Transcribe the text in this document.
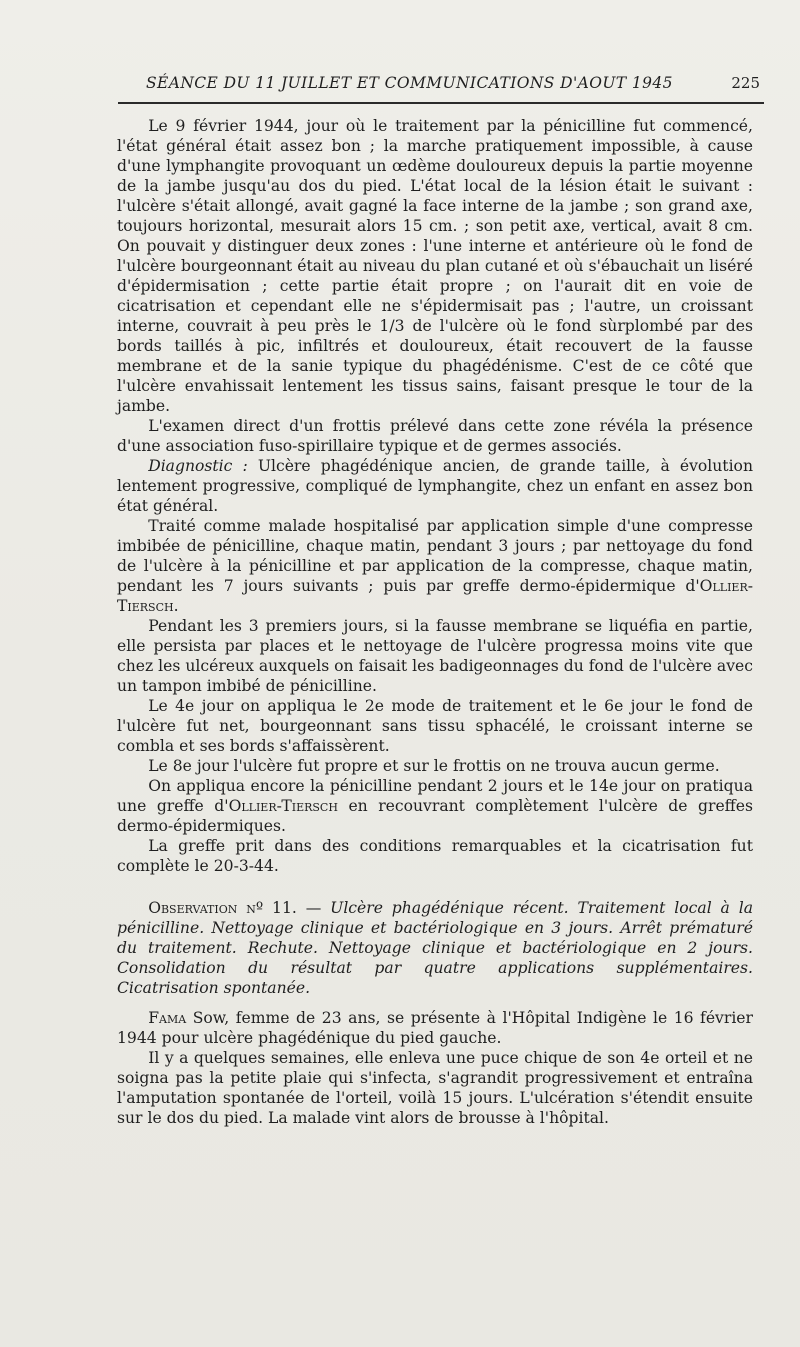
SÉANCE DU 11 JUILLET ET COMMUNICATIONS D'AOUT 1945	225

Le 9 février 1944, jour où le traitement par la pénicilline fut commencé, l'état général était assez bon ; la marche pratiquement impossible, à cause d'une lymphangite provoquant un œdème douloureux depuis la partie moyenne de la jambe jusqu'au dos du pied. L'état local de la lésion était le suivant : l'ulcère s'était allongé, avait gagné la face interne de la jambe ; son grand axe, toujours horizontal, mesurait alors 15 cm. ; son petit axe, vertical, avait 8 cm. On pouvait y distinguer deux zones : l'une interne et antérieure où le fond de l'ulcère bourgeonnant était au niveau du plan cutané et où s'ébauchait un liséré d'épidermisation ; cette partie était propre ; on l'aurait dit en voie de cicatrisation et cependant elle ne s'épidermisait pas ; l'autre, un croissant interne, couvrait à peu près le 1/3 de l'ulcère où le fond sùrplombé par des bords taillés à pic, infiltrés et douloureux, était recouvert de la fausse membrane et de la sanie typique du phagédénisme. C'est de ce côté que l'ulcère envahissait lentement les tissus sains, faisant presque le tour de la jambe.

L'examen direct d'un frottis prélevé dans cette zone révéla la présence d'une association fuso-spirillaire typique et de germes associés.

Diagnostic : Ulcère phagédénique ancien, de grande taille, à évolution lentement progressive, compliqué de lymphangite, chez un enfant en assez bon état général.

Traité comme malade hospitalisé par application simple d'une compresse imbibée de pénicilline, chaque matin, pendant 3 jours ; par nettoyage du fond de l'ulcère à la pénicilline et par application de la compresse, chaque matin, pendant les 7 jours suivants ; puis par greffe dermo-épidermique d'Ollier-Tiersch.

Pendant les 3 premiers jours, si la fausse membrane se liquéfia en partie, elle persista par places et le nettoyage de l'ulcère progressa moins vite que chez les ulcéreux auxquels on faisait les badigeonnages du fond de l'ulcère avec un tampon imbibé de pénicilline.

Le 4e jour on appliqua le 2e mode de traitement et le 6e jour le fond de l'ulcère fut net, bourgeonnant sans tissu sphacélé, le croissant interne se combla et ses bords s'affaissèrent.

Le 8e jour l'ulcère fut propre et sur le frottis on ne trouva aucun germe.

On appliqua encore la pénicilline pendant 2 jours et le 14e jour on pratiqua une greffe d'Ollier-Tiersch en recouvrant complètement l'ulcère de greffes dermo-épidermiques.

La greffe prit dans des conditions remarquables et la cicatrisation fut complète le 20-3-44.

Observation nº 11. — Ulcère phagédénique récent. Traitement local à la pénicilline. Nettoyage clinique et bactériologique en 3 jours. Arrêt prématuré du traitement. Rechute. Nettoyage clinique et bactériologique en 2 jours. Consolidation du résultat par quatre applications supplémentaires. Cicatrisation spontanée.

Fama Sow, femme de 23 ans, se présente à l'Hôpital Indigène le 16 février 1944 pour ulcère phagédénique du pied gauche.

Il y a quelques semaines, elle enleva une puce chique de son 4e orteil et ne soigna pas la petite plaie qui s'infecta, s'agrandit progressivement et entraîna l'amputation spontanée de l'orteil, voilà 15 jours. L'ulcération s'étendit ensuite sur le dos du pied. La malade vint alors de brousse à l'hôpital.
